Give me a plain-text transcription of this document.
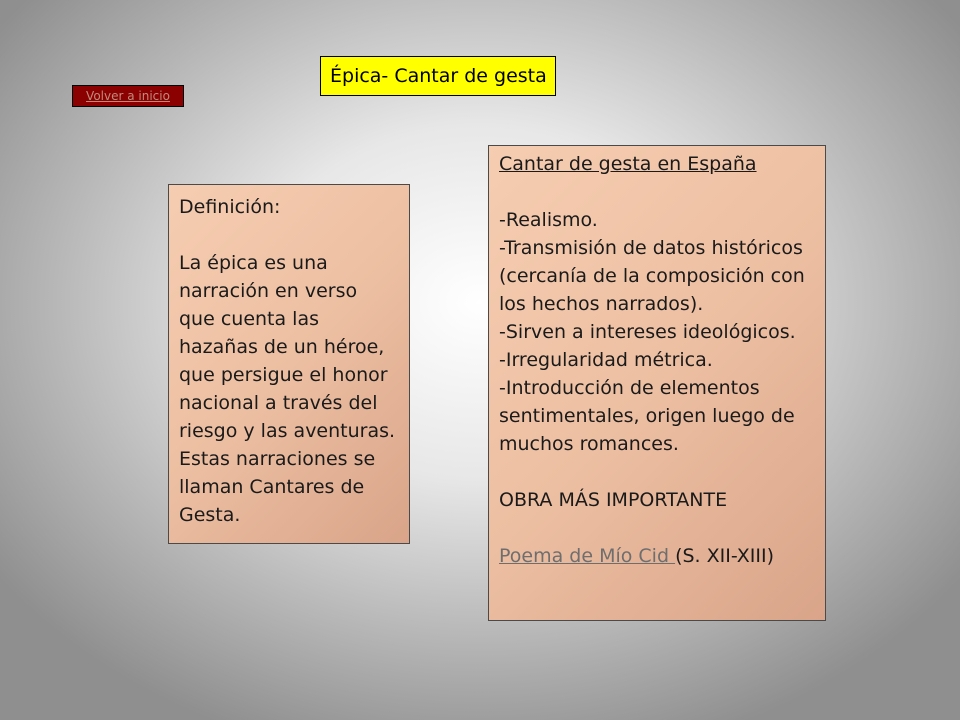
Épica- Cantar de gesta
Volver a inicio
Definición:
La épica es una
narración en verso
que cuenta las
hazañas de un héroe,
que persigue el honor
nacional a través del
riesgo y las aventuras.
Estas narraciones se
llaman Cantares de
Gesta.
Cantar de gesta en España
-Realismo.
-Transmisión de datos históricos
(cercanía de la composición con
los hechos narrados).
-Sirven a intereses ideológicos.
-Irregularidad métrica.
-Introducción de elementos
sentimentales, origen luego de
muchos romances.
OBRA MÁS IMPORTANTE
Poema de Mío Cid (S. XII-XIII)
